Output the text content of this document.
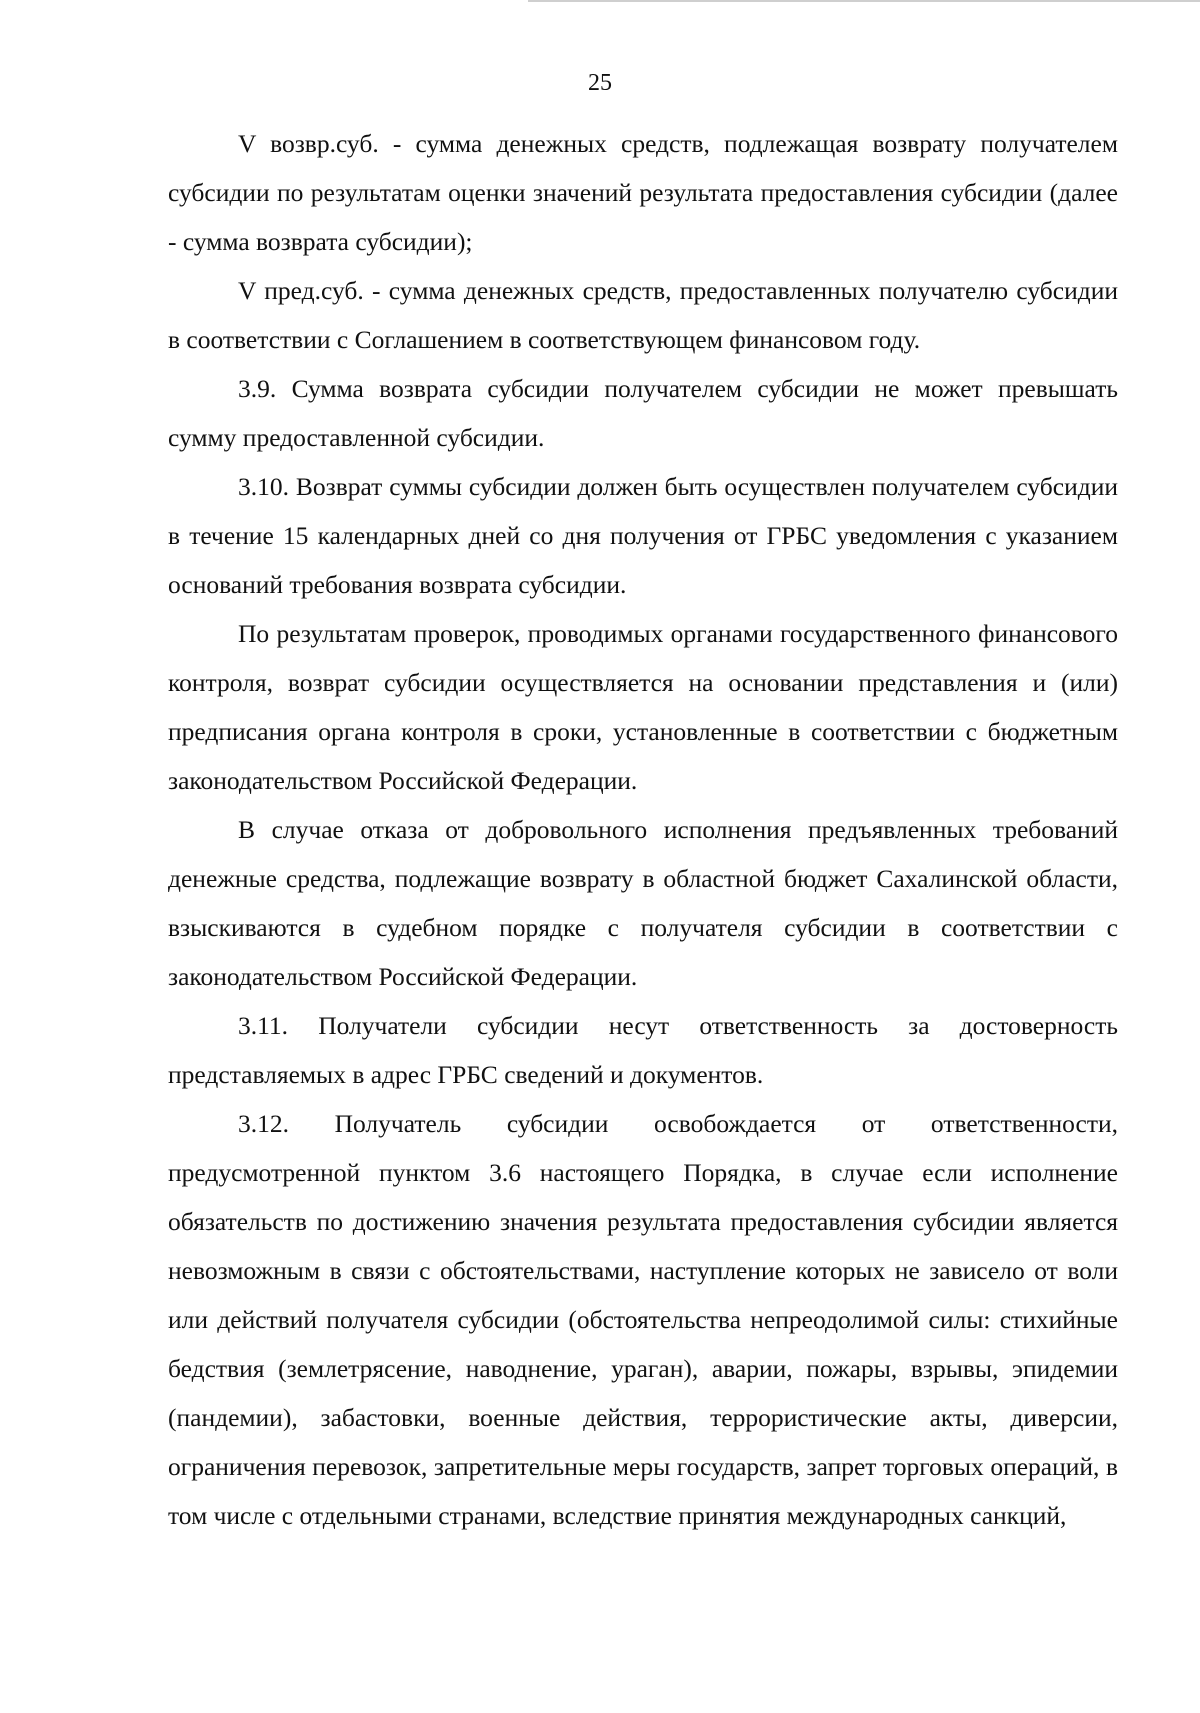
25

V возвр.суб. - сумма денежных средств, подлежащая возврату получателем субсидии по результатам оценки значений результата предоставления субсидии (далее - сумма возврата субсидии);

V пред.суб. - сумма денежных средств, предоставленных получателю субсидии в соответствии с Соглашением в соответствующем финансовом году.

3.9. Сумма возврата субсидии получателем субсидии не может превышать сумму предоставленной субсидии.

3.10. Возврат суммы субсидии должен быть осуществлен получателем субсидии в течение 15 календарных дней со дня получения от ГРБС уведомления с указанием оснований требования возврата субсидии.

По результатам проверок, проводимых органами государственного финансового контроля, возврат субсидии осуществляется на основании представления и (или) предписания органа контроля в сроки, установленные в соответствии с бюджетным законодательством Российской Федерации.

В случае отказа от добровольного исполнения предъявленных требований денежные средства, подлежащие возврату в областной бюджет Сахалинской области, взыскиваются в судебном порядке с получателя субсидии в соответствии с законодательством Российской Федерации.

3.11. Получатели субсидии несут ответственность за достоверность представляемых в адрес ГРБС сведений и документов.

3.12. Получатель субсидии освобождается от ответственности, предусмотренной пунктом 3.6 настоящего Порядка, в случае если исполнение обязательств по достижению значения результата предоставления субсидии является невозможным в связи с обстоятельствами, наступление которых не зависело от воли или действий получателя субсидии (обстоятельства непреодолимой силы: стихийные бедствия (землетрясение, наводнение, ураган), аварии, пожары, взрывы, эпидемии (пандемии), забастовки, военные действия, террористические акты, диверсии, ограничения перевозок, запретительные меры государств, запрет торговых операций, в том числе с отдельными странами, вследствие принятия международных санкций,
